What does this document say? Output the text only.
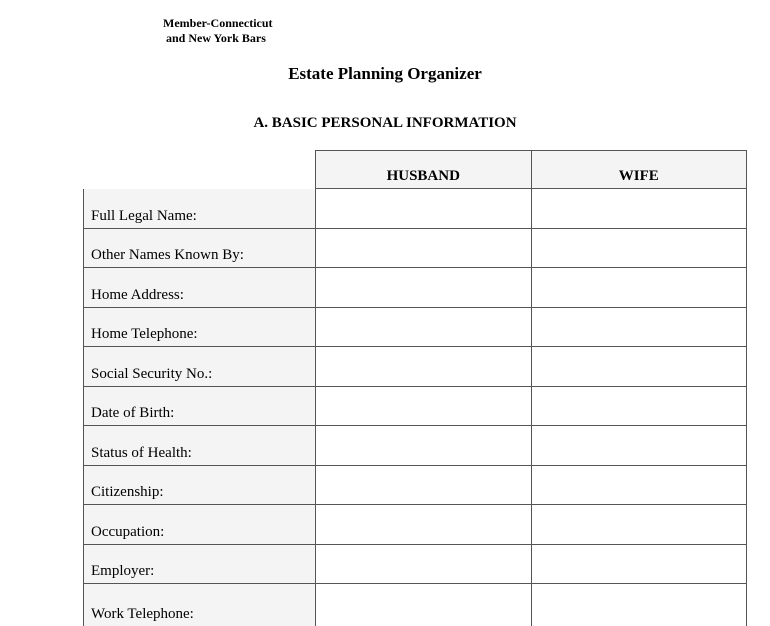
Member-Connecticut
and New York Bars
Estate Planning Organizer
A. BASIC PERSONAL INFORMATION
HUSBAND	WIFE
Full Legal Name:
Other Names Known By:
Home Address:
Home Telephone:
Social Security No.:
Date of Birth:
Status of Health:
Citizenship:
Occupation:
Employer:
Work Telephone:
